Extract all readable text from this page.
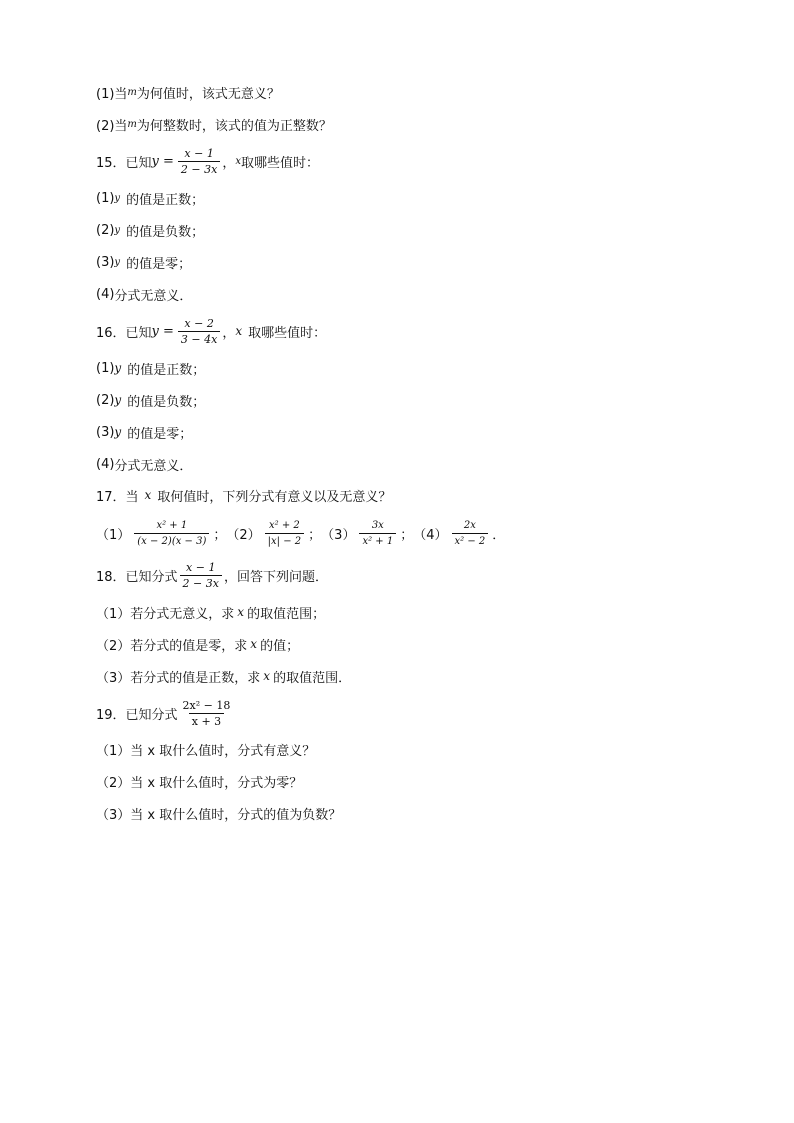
(1)当 m 为何值时，该式无意义？
(2)当 m 为何整数时，该式的值为正整数？
15．已知 $y = \frac{x - 1}{2 - 3x}$ ， x 取哪些值时：
(1) y 的值是正数；
(2) y 的值是负数；
(3) y 的值是零；
(4) 分式无意义．
16．已知 $y = \frac{x - 2}{3 - 4x}$ ， x 取哪些值时：
(1) y 的值是正数；
(2) y 的值是负数；
(3) y 的值是零；
(4) 分式无意义．
17．当 x 取何值时，下列分式有意义以及无意义？
$(1) \frac{\text{x² + 1}}{(x - 2)(x - 3)}$ ； $(2) \frac{\text{x² + 2}}{|x| - 2}$ ； $(3) \frac{3x}{\text{x² + 1}}$ ； $(4) \frac{2x}{\text{x² − 2}}$ ．
18．已知分式 $\frac{x - 1}{2 - 3x}$ ，回答下列问题．
（1）若分式无意义，求 x 的取值范围；
（2）若分式的值是零，求 x 的值；
（3）若分式的值是正数，求 x 的取值范围．
19．已知分式 $\frac{\text{2x² − 18}}{x + 3}$
（1）当 x 取什么值时，分式有意义？
（2）当 x 取什么值时，分式为零？
（3）当 x 取什么值时，分式的值为负数？
